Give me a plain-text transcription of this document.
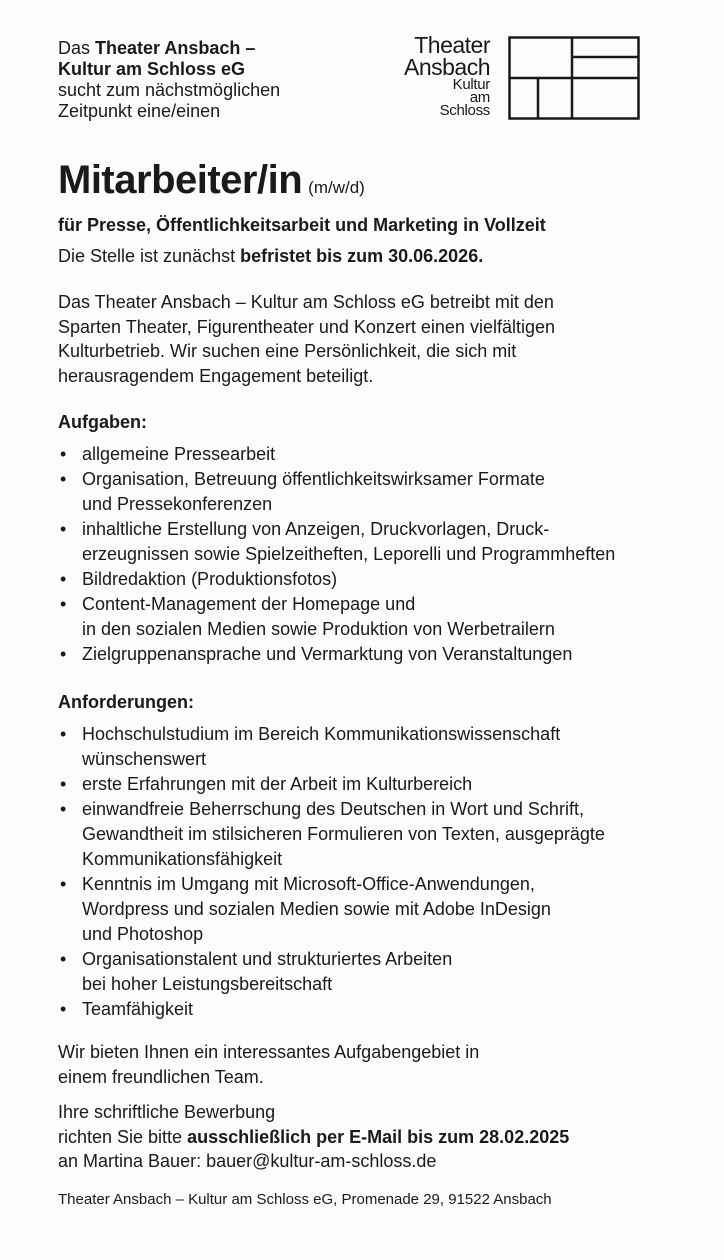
Das Theater Ansbach –
Kultur am Schloss eG
sucht zum nächstmöglichen
Zeitpunkt eine/einen
Theater
Ansbach
Kultur
am
Schloss
Mitarbeiter/in (m/w/d)
für Presse, Öffentlichkeitsarbeit und Marketing in Vollzeit
Die Stelle ist zunächst befristet bis zum 30.06.2026.
Das Theater Ansbach – Kultur am Schloss eG betreibt mit den
Sparten Theater, Figurentheater und Konzert einen vielfältigen
Kulturbetrieb. Wir suchen eine Persönlichkeit, die sich mit
herausragendem Engagement beteiligt.
Aufgaben:
• allgemeine Pressearbeit
• Organisation, Betreuung öffentlichkeitswirksamer Formate
und Pressekonferenzen
• inhaltliche Erstellung von Anzeigen, Druckvorlagen, Druck-
erzeugnissen sowie Spielzeitheften, Leporelli und Programmheften
• Bildredaktion (Produktionsfotos)
• Content-Management der Homepage und
in den sozialen Medien sowie Produktion von Werbetrailern
• Zielgruppenansprache und Vermarktung von Veranstaltungen
Anforderungen:
• Hochschulstudium im Bereich Kommunikationswissenschaft
wünschenswert
• erste Erfahrungen mit der Arbeit im Kulturbereich
• einwandfreie Beherrschung des Deutschen in Wort und Schrift,
Gewandtheit im stilsicheren Formulieren von Texten, ausgeprägte
Kommunikationsfähigkeit
• Kenntnis im Umgang mit Microsoft-Office-Anwendungen,
Wordpress und sozialen Medien sowie mit Adobe InDesign
und Photoshop
• Organisationstalent und strukturiertes Arbeiten
bei hoher Leistungsbereitschaft
• Teamfähigkeit
Wir bieten Ihnen ein interessantes Aufgabengebiet in
einem freundlichen Team.
Ihre schriftliche Bewerbung
richten Sie bitte ausschließlich per E-Mail bis zum 28.02.2025
an Martina Bauer: bauer@kultur-am-schloss.de
Theater Ansbach – Kultur am Schloss eG, Promenade 29, 91522 Ansbach
